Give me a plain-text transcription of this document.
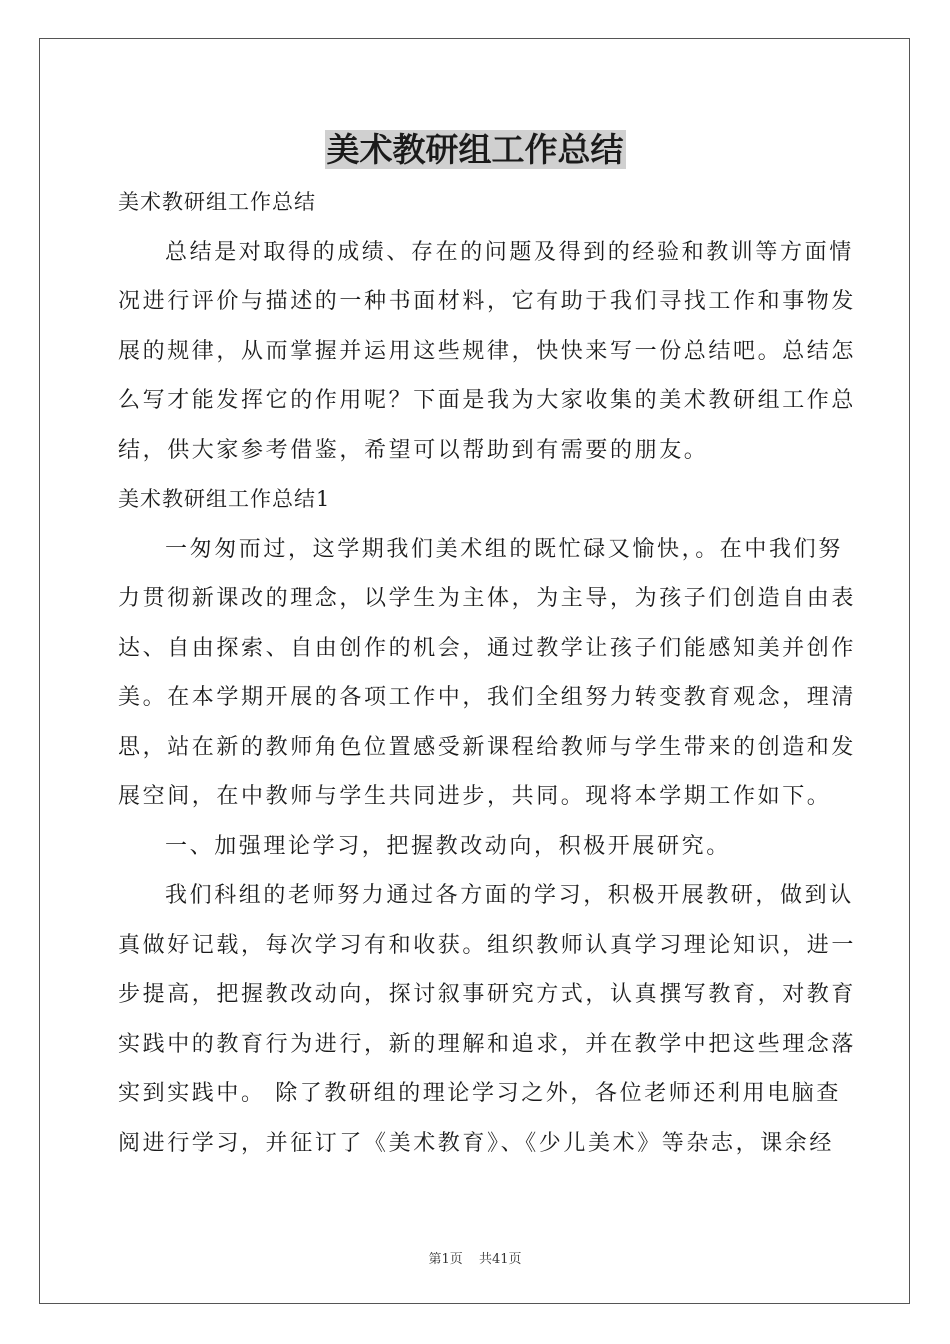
美术教研组工作总结

美术教研组工作总结

总结是对取得的成绩、存在的问题及得到的经验和教训等方面情

况进行评价与描述的一种书面材料，它有助于我们寻找工作和事物发

展的规律，从而掌握并运用这些规律，快快来写一份总结吧。总结怎

么写才能发挥它的作用呢？下面是我为大家收集的美术教研组工作总

结，供大家参考借鉴，希望可以帮助到有需要的朋友。

美术教研组工作总结1

一匆匆而过，这学期我们美术组的既忙碌又愉快，。在中我们努

力贯彻新课改的理念，以学生为主体，为主导，为孩子们创造自由表

达、自由探索、自由创作的机会，通过教学让孩子们能感知美并创作

美。在本学期开展的各项工作中，我们全组努力转变教育观念，理清

思，站在新的教师角色位置感受新课程给教师与学生带来的创造和发

展空间，在中教师与学生共同进步，共同。现将本学期工作如下。

一、加强理论学习，把握教改动向，积极开展研究。

我们科组的老师努力通过各方面的学习，积极开展教研，做到认

真做好记载，每次学习有和收获。组织教师认真学习理论知识，进一

步提高，把握教改动向，探讨叙事研究方式，认真撰写教育，对教育

实践中的教育行为进行，新的理解和追求，并在教学中把这些理念落

实到实践中。 除了教研组的理论学习之外，各位老师还利用电脑查

阅进行学习，并征订了《美术教育》、《少儿美术》等杂志，课余经

第1页 共41页
